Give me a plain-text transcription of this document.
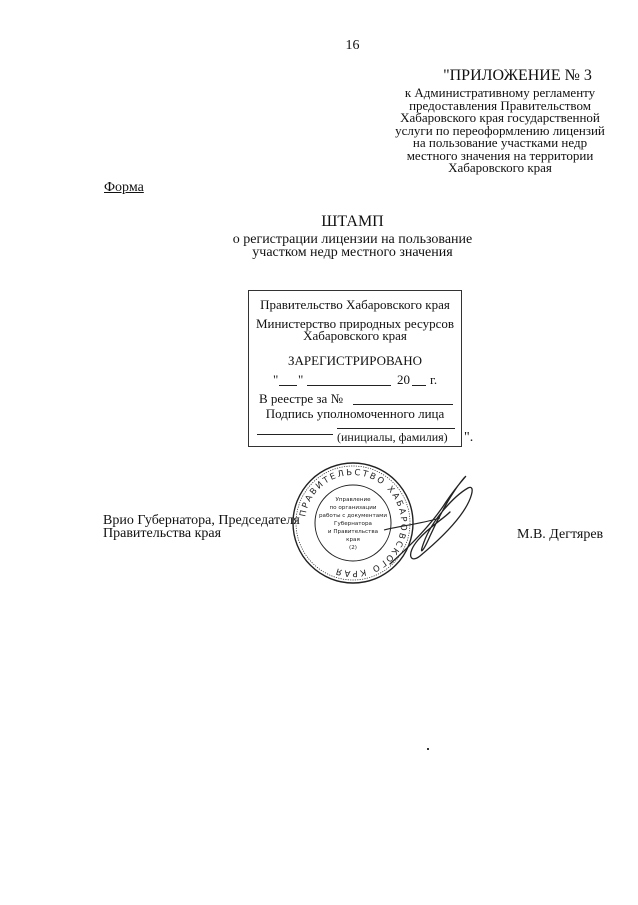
16
"ПРИЛОЖЕНИЕ № 3
к Административному регламенту
предоставления Правительством
Хабаровского края государственной
услуги по переоформлению лицензий
на пользование участками недр
местного значения на территории
Хабаровского края
Форма
ШТАМП
о регистрации лицензии на пользование
участком недр местного значения
Правительство Хабаровского края
Министерство природных ресурсов
Хабаровского края
ЗАРЕГИСТРИРОВАНО
" "	20 г.
В реестре за №
Подпись уполномоченного лица
(инициалы, фамилия) ".
ПРАВИТЕЛЬСТВО ХАБАРОВСКОГО КРАЯ
Управление
по организации
работы с документами
Губернатора
и Правительства
края
(2)
Врио Губернатора, Председателя
Правительства края	М.В. Дегтярев
